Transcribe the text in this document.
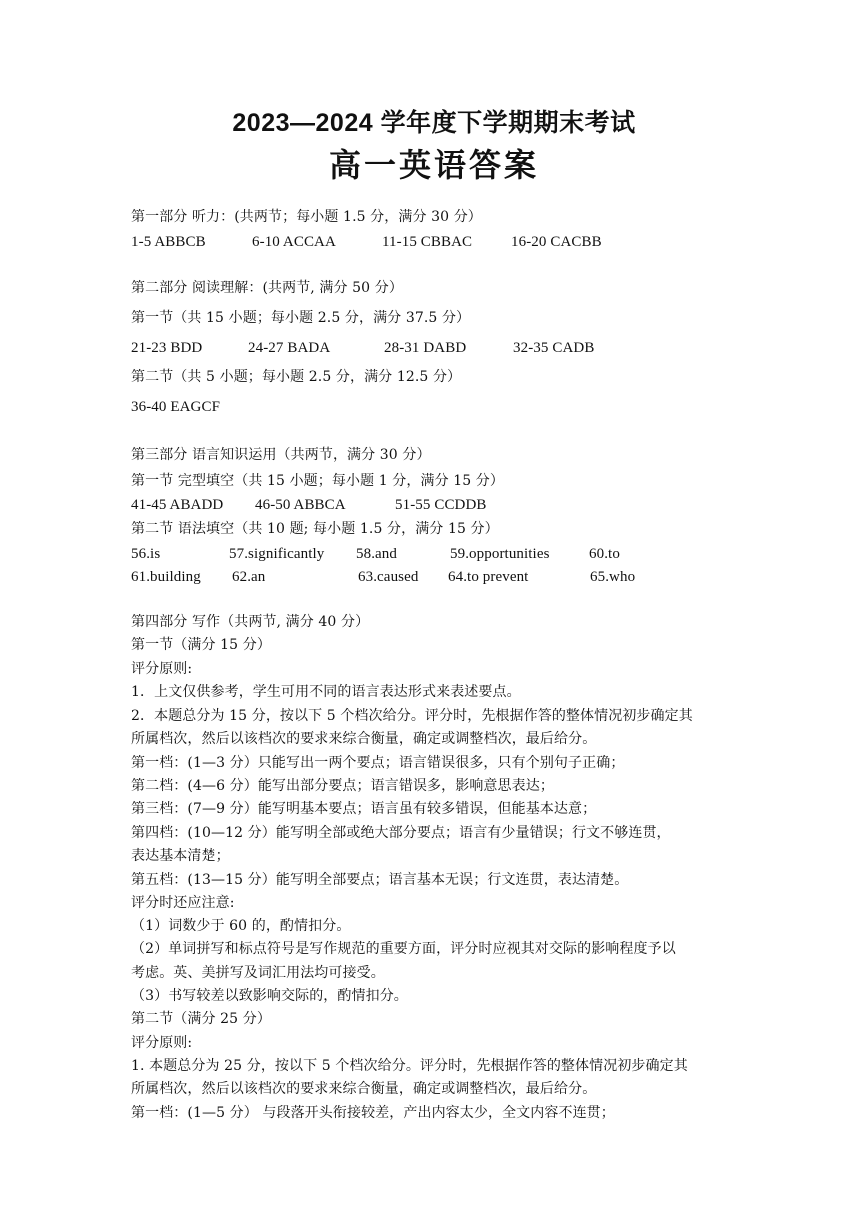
2023—2024 学年度下学期期末考试
高一英语答案
第一部分 听力：(共两节；每小题 1.5 分，满分 30 分）
1-5 ABBCB	6-10 ACCAA	11-15 CBBAC	16-20 CACBB
第二部分 阅读理解：(共两节, 满分 50 分）
第一节（共 15 小题；每小题 2.5 分，满分 37.5 分）
21-23 BDD	24-27 BADA	28-31 DABD	32-35 CADB
第二节（共 5 小题；每小题 2.5 分，满分 12.5 分）
36-40 EAGCF
第三部分 语言知识运用（共两节，满分 30 分）
第一节 完型填空（共 15 小题；每小题 1 分，满分 15 分）
41-45 ABADD 46-50 ABBCA	51-55 CCDDB
第二节 语法填空（共 10 题; 每小题 1.5 分，满分 15 分）
56.is	57.significantly 58.and	59.opportunities	60.to
61.building 62.an	63.caused 64.to prevent	65.who
第四部分 写作（共两节, 满分 40 分）
第一节（满分 15 分）
评分原则:
1．上文仅供参考，学生可用不同的语言表达形式来表述要点。
2．本题总分为 15 分，按以下 5 个档次给分。评分时，先根据作答的整体情况初步确定其
所属档次，然后以该档次的要求来综合衡量，确定或调整档次，最后给分。
第一档：(1—3 分）只能写出一两个要点；语言错误很多，只有个别句子正确；
第二档：(4—6 分）能写出部分要点；语言错误多，影响意思表达；
第三档：(7—9 分）能写明基本要点；语言虽有较多错误，但能基本达意；
第四档：(10—12 分）能写明全部或绝大部分要点；语言有少量错误；行文不够连贯，
表达基本清楚；
第五档：(13—15 分）能写明全部要点；语言基本无误；行文连贯，表达清楚。
评分时还应注意:
（1）词数少于 60 的，酌情扣分。
（2）单词拼写和标点符号是写作规范的重要方面，评分时应视其对交际的影响程度予以
考虑。英、美拼写及词汇用法均可接受。
（3）书写较差以致影响交际的，酌情扣分。
第二节（满分 25 分）
评分原则:
1. 本题总分为 25 分，按以下 5 个档次给分。评分时，先根据作答的整体情况初步确定其
所属档次，然后以该档次的要求来综合衡量，确定或调整档次，最后给分。
第一档：(1—5 分） 与段落开头衔接较差，产出内容太少，全文内容不连贯；
